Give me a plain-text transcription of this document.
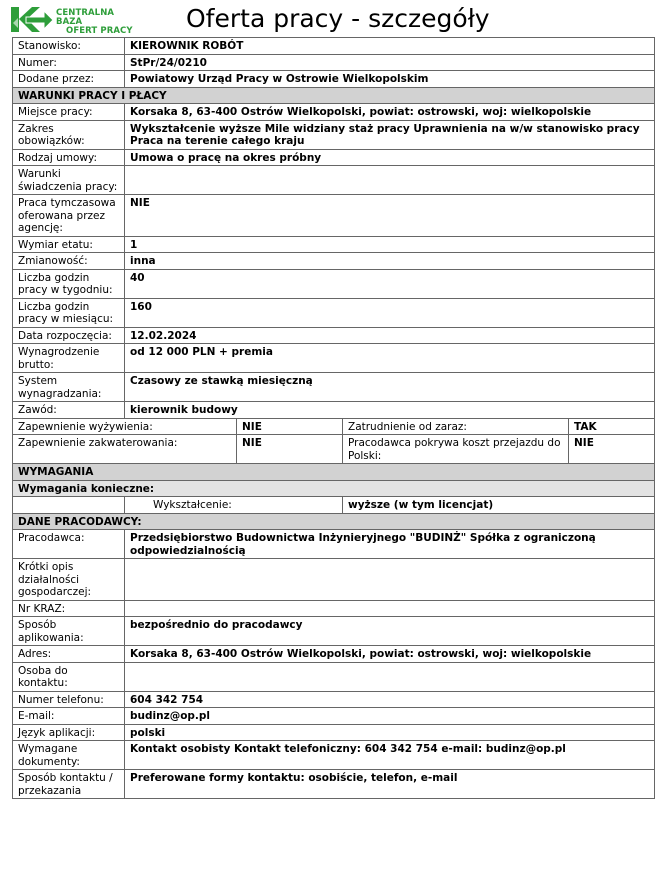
CENTRALNA BAZA
OFERT PRACY Oferta pracy - szczegóły
Stanowisko:	KIEROWNIK ROBÓT			
Numer:	StPr/24/0210			
Dodane przez:	Powiatowy Urząd Pracy w Ostrowie Wielkopolskim			
WARUNKI PRACY I PŁACY				
Miejsce pracy:	Korsaka 8, 63-400 Ostrów Wielkopolski, powiat: ostrowski, woj: wielkopolskie			
Zakres obowiązków:	Wykształcenie wyższe Mile widziany staż pracy Uprawnienia na w/w stanowisko pracy Praca na terenie całego kraju			
Rodzaj umowy:	Umowa o pracę na okres próbny			
Warunki świadczenia pracy:				
Praca tymczasowa oferowana przez agencję:	NIE			
Wymiar etatu:	1			
Zmianowość:	inna			
Liczba godzin pracy w tygodniu:	40			
Liczba godzin pracy w miesiącu:	160			
Data rozpoczęcia:	12.02.2024			
Wynagrodzenie brutto:	od 12 000 PLN + premia			
System wynagradzania:	Czasowy ze stawką miesięczną			
Zawód:	kierownik budowy			
Zapewnienie wyżywienia:		NIE	Zatrudnienie od zaraz:	TAK
Zapewnienie zakwaterowania:		NIE	Pracodawca pokrywa koszt przejazdu do Polski:	NIE
WYMAGANIA				
Wymagania konieczne:				
	Wykształcenie:		wyższe (w tym licencjat)	
DANE PRACODAWCY:				
Pracodawca:	Przedsiębiorstwo Budownictwa Inżynieryjnego "BUDINŻ" Spółka z ograniczoną odpowiedzialnością			
Krótki opis działalności gospodarczej:				
Nr KRAZ:				
Sposób aplikowania:	bezpośrednio do pracodawcy			
Adres:	Korsaka 8, 63-400 Ostrów Wielkopolski, powiat: ostrowski, woj: wielkopolskie			
Osoba do kontaktu:				
Numer telefonu:	604 342 754			
E-mail:	budinz@op.pl			
Język aplikacji:	polski			
Wymagane dokumenty:	Kontakt osobisty Kontakt telefoniczny: 604 342 754 e-mail: budinz@op.pl			
Sposób kontaktu / przekazania	Preferowane formy kontaktu: osobiście, telefon, e-mail			
